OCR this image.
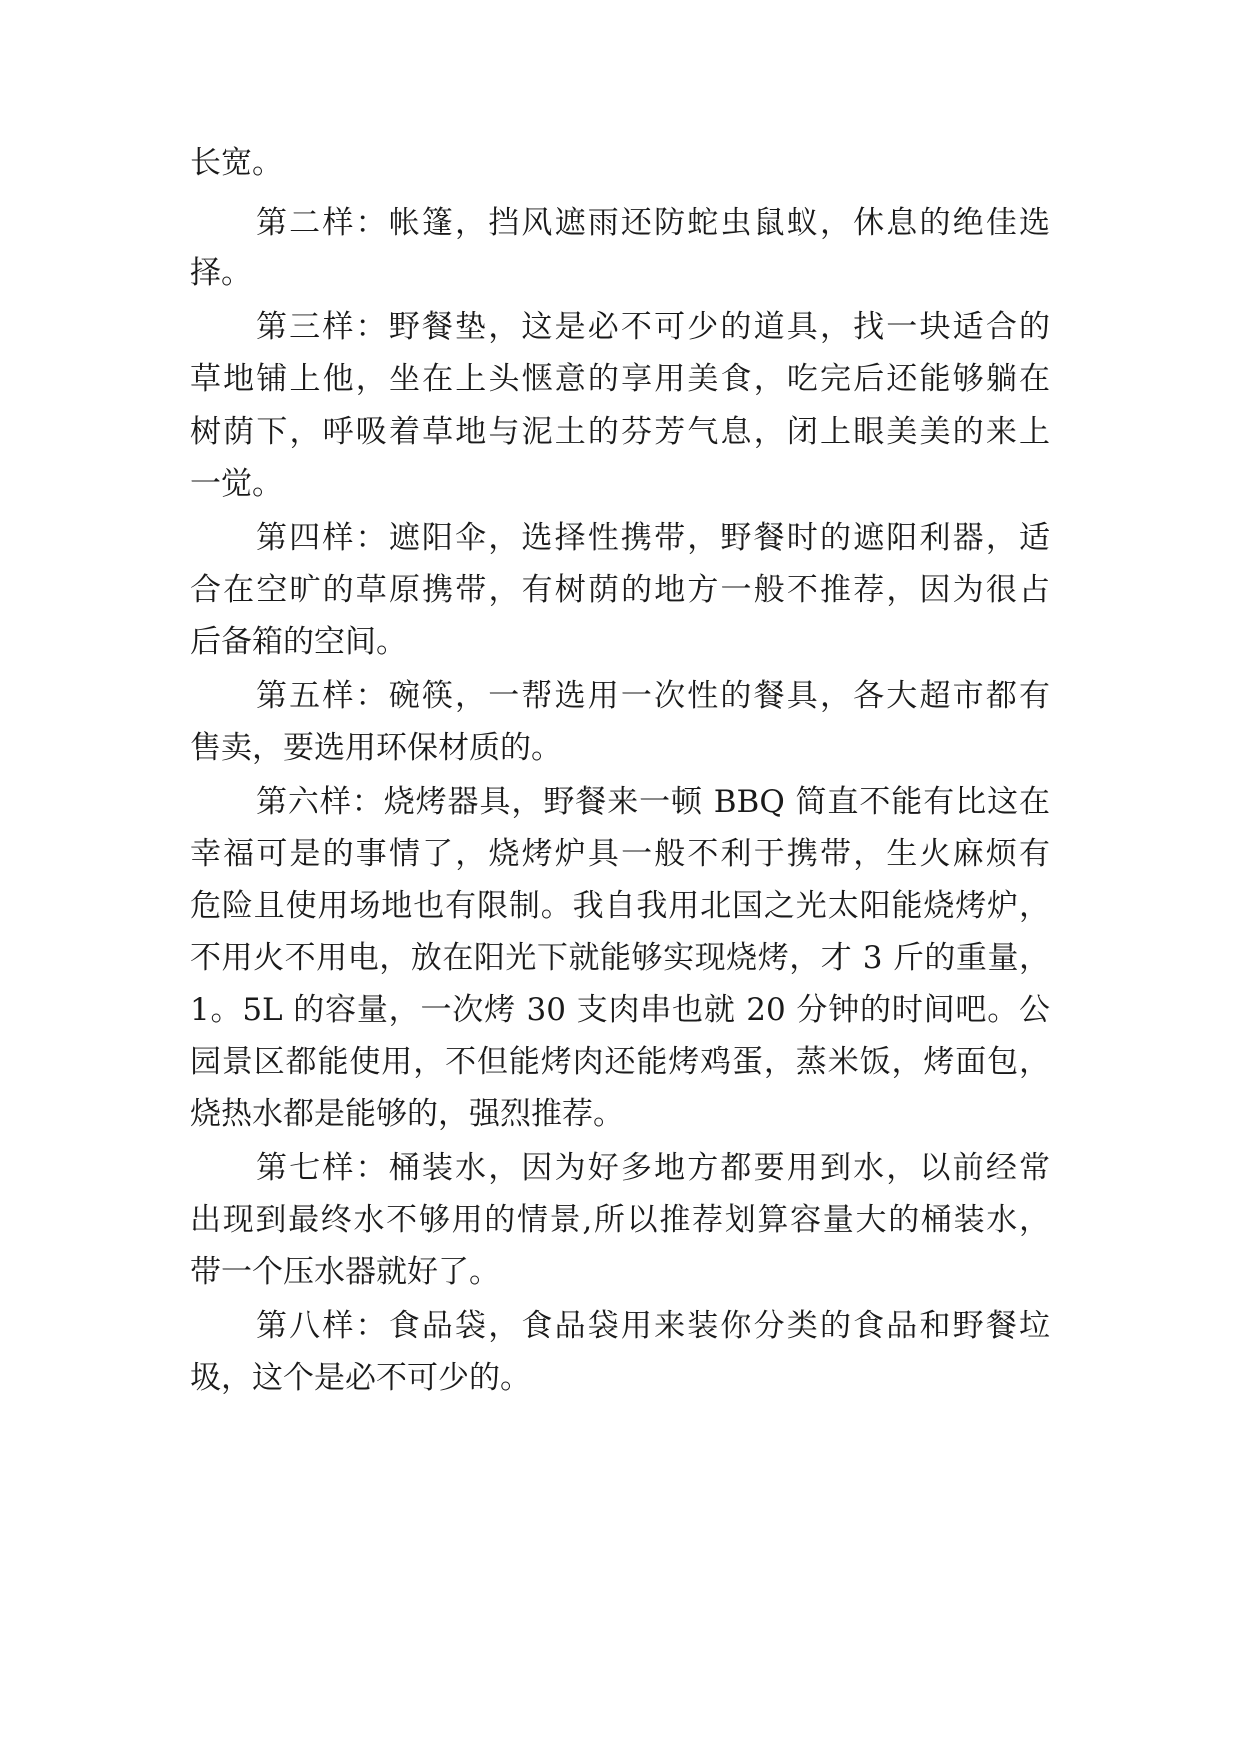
长宽。
第二样：帐篷，挡风遮雨还防蛇虫鼠蚁，休息的绝佳选
择。
第三样：野餐垫，这是必不可少的道具，找一块适合的
草地铺上他，坐在上头惬意的享用美食，吃完后还能够躺在
树荫下，呼吸着草地与泥土的芬芳气息，闭上眼美美的来上
一觉。
第四样：遮阳伞，选择性携带，野餐时的遮阳利器，适
合在空旷的草原携带，有树荫的地方一般不推荐，因为很占
后备箱的空间。
第五样：碗筷，一帮选用一次性的餐具，各大超市都有
售卖，要选用环保材质的。
第六样：烧烤器具，野餐来一顿 BBQ 简直不能有比这在
幸福可是的事情了，烧烤炉具一般不利于携带，生火麻烦有
危险且使用场地也有限制。我自我用北国之光太阳能烧烤炉，
不用火不用电，放在阳光下就能够实现烧烤，才 3 斤的重量，
1。5L 的容量，一次烤 30 支肉串也就 20 分钟的时间吧。公
园景区都能使用，不但能烤肉还能烤鸡蛋，蒸米饭，烤面包，
烧热水都是能够的，强烈推荐。
第七样：桶装水，因为好多地方都要用到水，以前经常
出现到最终水不够用的情景,所以推荐划算容量大的桶装水，
带一个压水器就好了。
第八样：食品袋，食品袋用来装你分类的食品和野餐垃
圾，这个是必不可少的。
